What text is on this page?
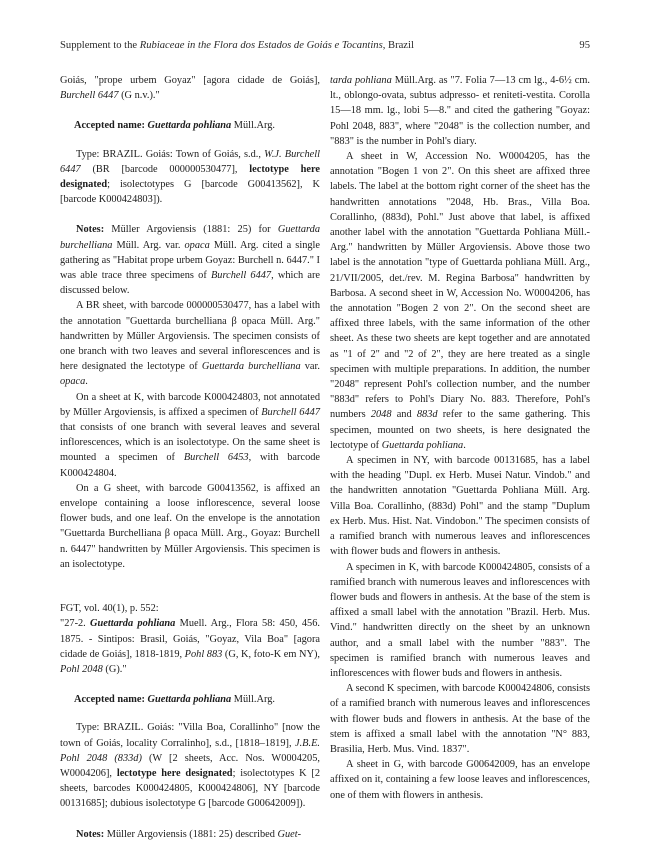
Supplement to the Rubiaceae in the Flora dos Estados de Goiás e Tocantins, Brazil	95

Goiás, "prope urbem Goyaz" [agora cidade de Goiás], Burchell 6447 (G n.v.)."

Accepted name: Guettarda pohliana Müll.Arg.

Type: BRAZIL. Goiás: Town of Goiás, s.d., W.J. Burchell 6447 (BR [barcode 000000530477], lectotype here designated; isolectotypes G [barcode G00413562], K [barcode K000424803]).

Notes: Müller Argoviensis (1881: 25) for Guettarda burchelliana Müll. Arg. var. opaca Müll. Arg. cited a single gathering as "Habitat prope urbem Goyaz: Burchell n. 6447." I was able trace three specimens of Burchell 6447, which are discussed below.

A BR sheet, with barcode 000000530477, has a label with the annotation "Guettarda burchelliana β opaca Müll. Arg." handwritten by Müller Argoviensis. The specimen consists of one branch with two leaves and several inflorescences and is here designated the lectotype of Guettarda burchelliana var. opaca.

On a sheet at K, with barcode K000424803, not annotated by Müller Argoviensis, is affixed a specimen of Burchell 6447 that consists of one branch with several leaves and several inflorescences, which is an isolectotype. On the same sheet is mounted a specimen of Burchell 6453, with barcode K000424804.

On a G sheet, with barcode G00413562, is affixed an envelope containing a loose inflorescence, several loose flower buds, and one leaf. On the envelope is the annotation "Guettarda Burchelliana β opaca Müll. Arg., Goyaz: Burchell n. 6447" handwritten by Müller Argoviensis. This specimen is an isolectotype.

FGT, vol. 40(1), p. 552:

"27-2. Guettarda pohliana Muell. Arg., Flora 58: 450, 456. 1875. - Sintipos: Brasil, Goiás, "Goyaz, Vila Boa" [agora cidade de Goiás], 1818-1819, Pohl 883 (G, K, foto-K em NY), Pohl 2048 (G)."

Accepted name: Guettarda pohliana Müll.Arg.

Type: BRAZIL. Goiás: "Villa Boa, Corallinho" [now the town of Goiás, locality Corralinho], s.d., [1818–1819], J.B.E. Pohl 2048 (833d) (W [2 sheets, Acc. Nos. W0004205, W0004206], lectotype here designated; isolectotypes K [2 sheets, barcodes K000424805, K000424806], NY [barcode 00131685]; dubious isolectotype G [barcode G00642009]).

Notes: Müller Argoviensis (1881: 25) described Guet-

tarda pohliana Müll.Arg. as "7. Folia 7—13 cm lg., 4-6½ cm. lt., oblongo-ovata, subtus adpresso- et reniteti-vestita. Corolla 15—18 mm. lg., lobi 5—8." and cited the gathering "Goyaz: Pohl 2048, 883", where "2048" is the collection number, and "883" is the number in Pohl's diary.

A sheet in W, Accession No. W0004205, has the annotation "Bogen 1 von 2". On this sheet are affixed three labels. The label at the bottom right corner of the sheet has the handwritten annotations "2048, Hb. Bras., Villa Boa. Corallinho, (883d), Pohl." Just above that label, is affixed another label with the annotation "Guettarda Pohliana Müll.-Arg." handwritten by Müller Argoviensis. Above those two label is the annotation "type of Guettarda pohliana Müll. Arg., 21/VII/2005, det./rev. M. Regina Barbosa" handwritten by Barbosa. A second sheet in W, Accession No. W0004206, has the annotation "Bogen 2 von 2". On the second sheet are affixed three labels, with the same information of the other sheet. As these two sheets are kept together and are annotated as "1 of 2" and "2 of 2", they are here treated as a single specimen with multiple preparations. In addition, the number "2048" represent Pohl's collection number, and the number "883d" refers to Pohl's Diary No. 883. Therefore, Pohl's numbers 2048 and 883d refer to the same gathering. This specimen, mounted on two sheets, is here designated the lectotype of Guettarda pohliana.

A specimen in NY, with barcode 00131685, has a label with the heading "Dupl. ex Herb. Musei Natur. Vindob." and the handwritten annotation "Guettarda Pohliana Müll. Arg. Villa Boa. Corallinho, (883d) Pohl" and the stamp "Duplum ex Herb. Mus. Hist. Nat. Vindobon." The specimen consists of a ramified branch with numerous leaves and inflorescences with flower buds and flowers in anthesis.

A specimen in K, with barcode K000424805, consists of a ramified branch with numerous leaves and inflorescences with flower buds and flowers in anthesis. At the base of the stem is affixed a small label with the annotation "Brazil. Herb. Mus. Vind." handwritten directly on the sheet by an unknown author, and a small label with the number "883". The specimen is ramified branch with numerous leaves and inflorescences with flower buds and flowers in anthesis.

A second K specimen, with barcode K000424806, consists of a ramified branch with numerous leaves and inflorescences with flower buds and flowers in anthesis. At the base of the stem is affixed a small label with the annotation "N° 883, Brasilia, Herb. Mus. Vind. 1837".

A sheet in G, with barcode G00642009, has an envelope affixed on it, containing a few loose leaves and inflorescences, one of them with flowers in anthesis.
